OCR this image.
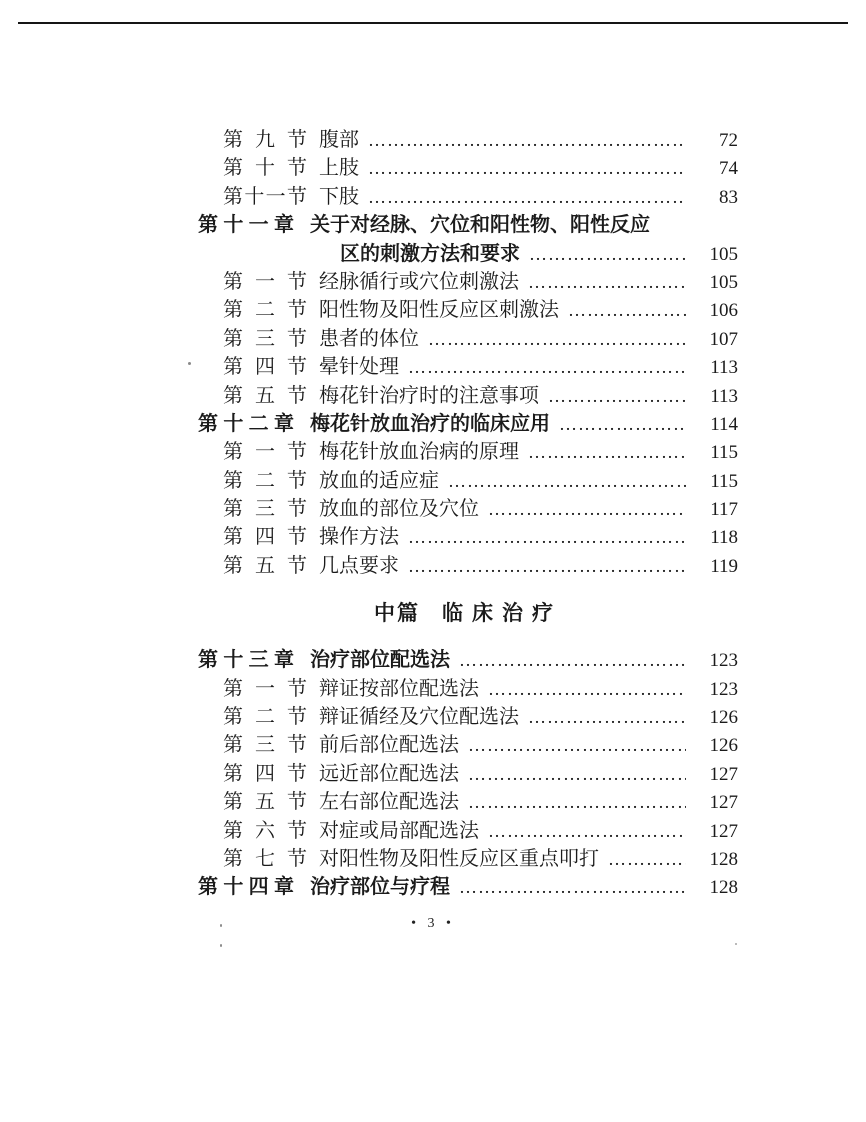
第九节 腹部 ……………………………………………………………………………………	72
第十节 上肢 ……………………………………………………………………………………	74
第十一节 下肢 ……………………………………………………………………………………	83
第十一章 关于对经脉、穴位和阳性物、阳性反应
区的刺激方法和要求 ……………………………………………………………………………………	105
第一节 经脉循行或穴位刺激法 ……………………………………………………………………………………	105
第二节 阳性物及阳性反应区刺激法 ……………………………………………………………………………………	106
第三节 患者的体位 ……………………………………………………………………………………	107
第四节 晕针处理 ……………………………………………………………………………………	113
第五节 梅花针治疗时的注意事项 ……………………………………………………………………………………	113
第十二章 梅花针放血治疗的临床应用 ……………………………………………………………………………………	114
第一节 梅花针放血治病的原理 ……………………………………………………………………………………	115
第二节 放血的适应症 ……………………………………………………………………………………	115
第三节 放血的部位及穴位 ……………………………………………………………………………………	117
第四节 操作方法 ……………………………………………………………………………………	118
第五节 几点要求 ……………………………………………………………………………………	119
中篇 临床治疗
第十三章 治疗部位配选法 ……………………………………………………………………………………	123
第一节 辩证按部位配选法 ……………………………………………………………………………………	123
第二节 辩证循经及穴位配选法 ……………………………………………………………………………………	126
第三节 前后部位配选法 ……………………………………………………………………………………	126
第四节 远近部位配选法 ……………………………………………………………………………………	127
第五节 左右部位配选法 ……………………………………………………………………………………	127
第六节 对症或局部配选法 ……………………………………………………………………………………	127
第七节 对阳性物及阳性反应区重点叩打 ……………………………………………………………………………………	128
第十四章 治疗部位与疗程 ……………………………………………………………………………………	128
• 3 •
